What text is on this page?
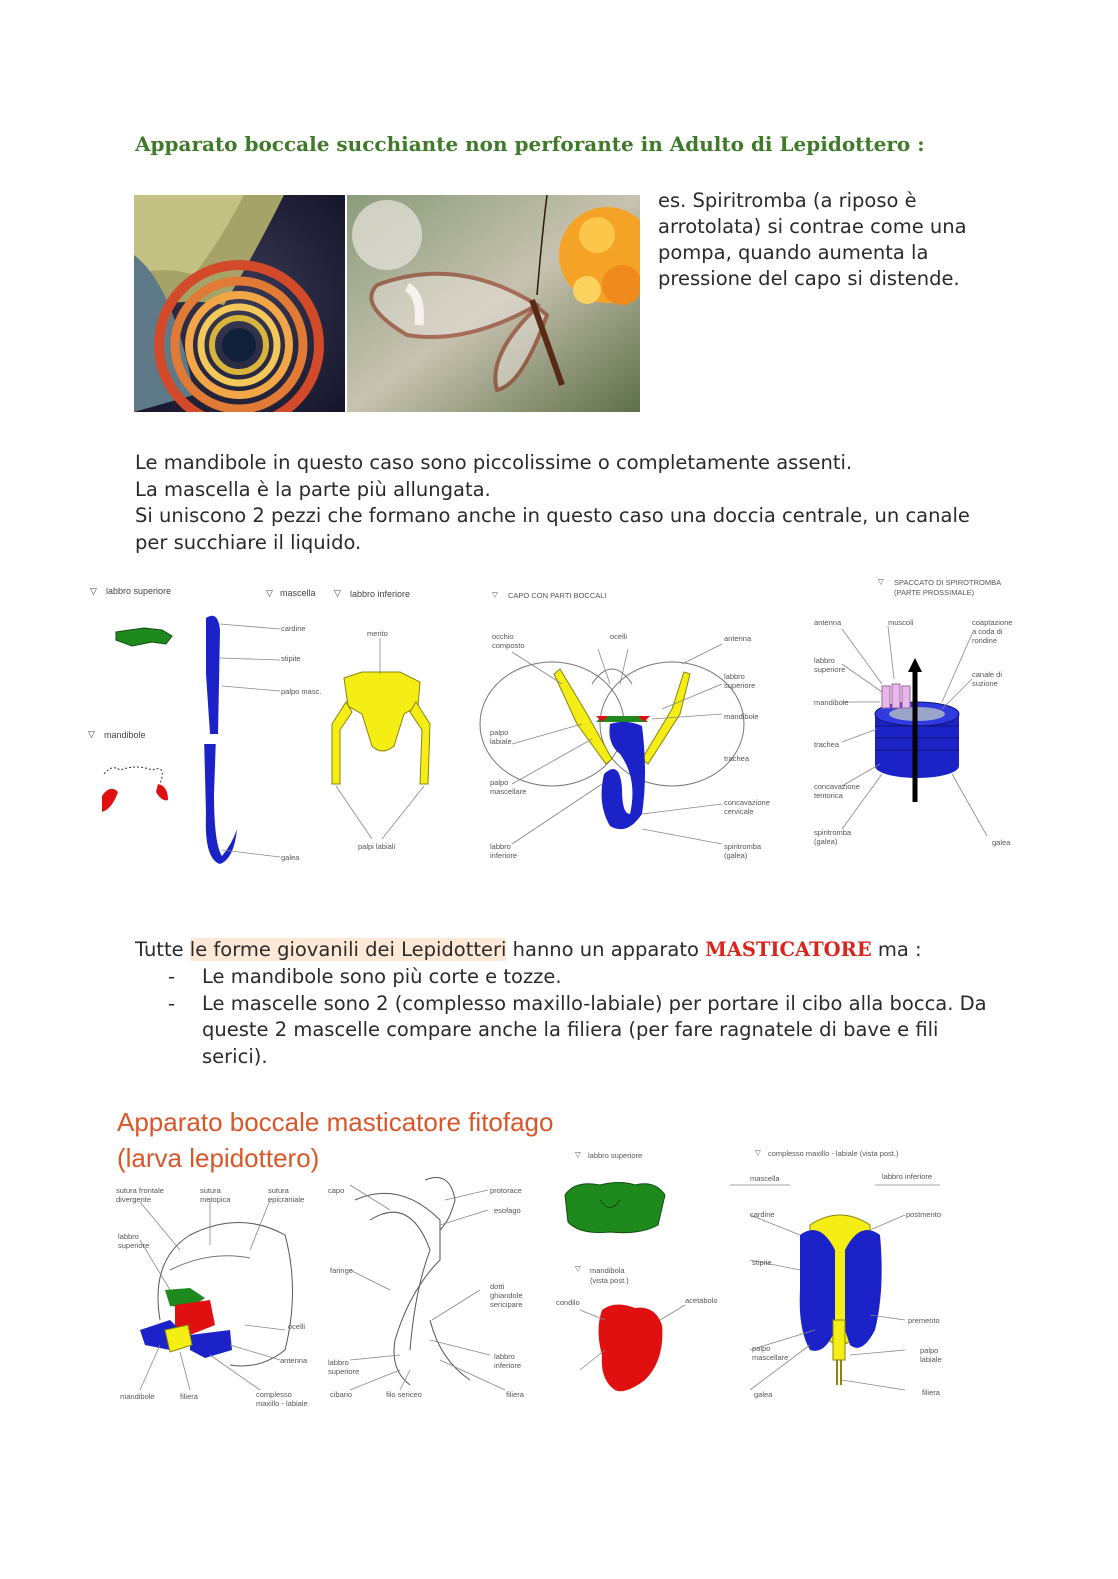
Apparato boccale succhiante non perforante in Adulto di Lepidottero :
es. Spiritromba (a riposo è arrotolata) si contrae come una pompa, quando aumenta la pressione del capo si distende.
Le mandibole in questo caso sono piccolissime o completamente assenti.
La mascella è la parte più allungata.
Si uniscono 2 pezzi che formano anche in questo caso una doccia centrale, un canale per succhiare il liquido.
▽ labbro superiore
▽ mandibole
▽ mascella
cardine
stipite
palpo masc.
galea
▽ labbro inferiore
mento
palpi labiali
▽ CAPO CON PARTI BOCCALI
occhio composto
ocelli	antenna
labbro superiore
mandibole
trachea
palpo labiale
palpo mascellare
labbro inferiore
concavazione cervicale
spiritromba (galea)
▽ SPACCATO DI SPIROTROMBA
(PARTE PROSSIMALE)
antenna	muscoli	coaptazione a coda di rondine
labbro superiore
canale di suzione
mandibole
trachea
concavazione tentorica
spiritromba (galea)	galea
Tutte le forme giovanili dei Lepidotteri hanno un apparato MASTICATORE ma :
- Le mandibole sono più corte e tozze.
- Le mascelle sono 2 (complesso maxillo-labiale) per portare il cibo alla bocca. Da queste 2 mascelle compare anche la filiera (per fare ragnatele di bave e fili serici).
Apparato boccale masticatore fitofago
(larva lepidottero)
sutura frontale divergente
sutura metopica
sutura epicraniale
labbro superiore
ocelli
antenna
mandibole	filiera	complesso maxillo - labiale
capo	protorace
esofago
faringe
dotti ghiandole sericipare
labbro superiore
labbro inferiore
cibario	filo sericeo	filiera
▽ labbro superiore
▽ mandibola
(vista post.)
condilo	acetabolo
▽ complesso maxillo - labiale (vista post.)
mascella	labbro inferiore
cardine
stipite
postmento
premento
palpo mascellare
palpo labiale
galea	filiera
